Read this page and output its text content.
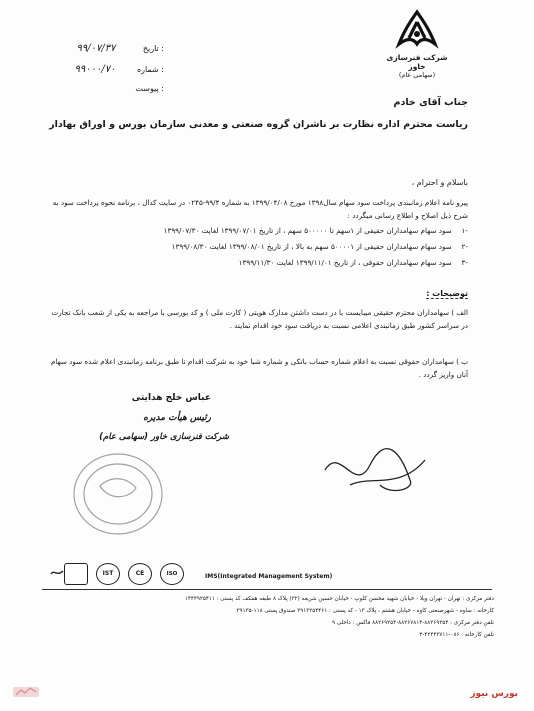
شرکت فنرسازی خاور
(سهامی عام)
: تاریخ ۹۹/۰۷/۳۷
: شماره ۹۹۰۰۰/۷۰
: پیوست
جناب آقای خادم
ریاست محترم اداره نظارت بر ناشران گروه صنعتی و معدنی سازمان بورس و اوراق بهادار
باسلام و احترام ،
پیرو نامه اعلام زمانبندی پرداخت سود سهام سال۱۳۹۸ مورخ ۱۳۹۹/۰۴/۰۸ به شماره ۹۹/۴-۰۲۴۵ در سایت کدال ، برنامه نحوه پرداخت سود به شرح ذیل اصلاح و اطلاع رسانی میگردد :
-۱ سود سهام سهامداران حقیقی از ۱سهم تا ۵۰۰۰۰۰ سهم ، از تاریخ ۱۳۹۹/۰۷/۰۱ لغایت ۱۳۹۹/۰۷/۳۰
-۲ سود سهام سهامداران حقیقی از ۵۰۰۰۰۱ سهم به بالا ، از تاریخ ۱۳۹۹/۰۸/۰۱ لغایت ۱۳۹۹/۰۸/۳۰
-۳ سود سهام سهامداران حقوقی ، از تاریخ ۱۳۹۹/۱۱/۰۱ لغایت ۱۳۹۹/۱۱/۳۰
توضیحات :
الف ) سهامداران محترم حقیقی میبایست با در دست داشتن مدارک هویتی ( کارت ملی ) و کد بورسی با مراجعه به یکی از شعب بانک تجارت در سراسر کشور طبق زمانبندی اعلامی نسبت به دریافت سود خود اقدام نمایند .
ب ) سهامداران حقوقی نسبت به اعلام شماره حساب بانکی و شماره شبا خود به شرکت اقدام تا طبق برنامه زمانبندی اعلام شده سود سهام آنان واریز گردد .
عباس خلج هدایتی
رئیس هیأت مدیره
شرکت فنرسازی خاور (سهامی عام)
IST	CE	ISO	IMS(Integrated Management System)
دفتر مرکزی : تهران - تهران ویلا - خیابان شهید محسن کلوپ - خیابان حسین شریعه (۳۲) پلاک ۸ طبقه همکف کد پستی : ۱۴۴۴۹۲۵۴۱۱
کارخانه : ساوه - شهرصنعتی کاوه - خیابان هشتم ، پلاک ۱۳ - کد پستی : ۳۹۱۳۲۵۴۴۶۱ صندوق پستی ۱۱۸-۳۹۱۳۵
تلفن دفتر مرکزی : ۸۸۲۶۹۳۵۴-۸۸۲۶۷۸۱۴-۸۸۲۶۹۲۵۴ فاکس : داخلی ۹
تلفن کارخانه : ۰۸۶-۴۲۴۴۳۷۱۱-۴
بورس نیوز
